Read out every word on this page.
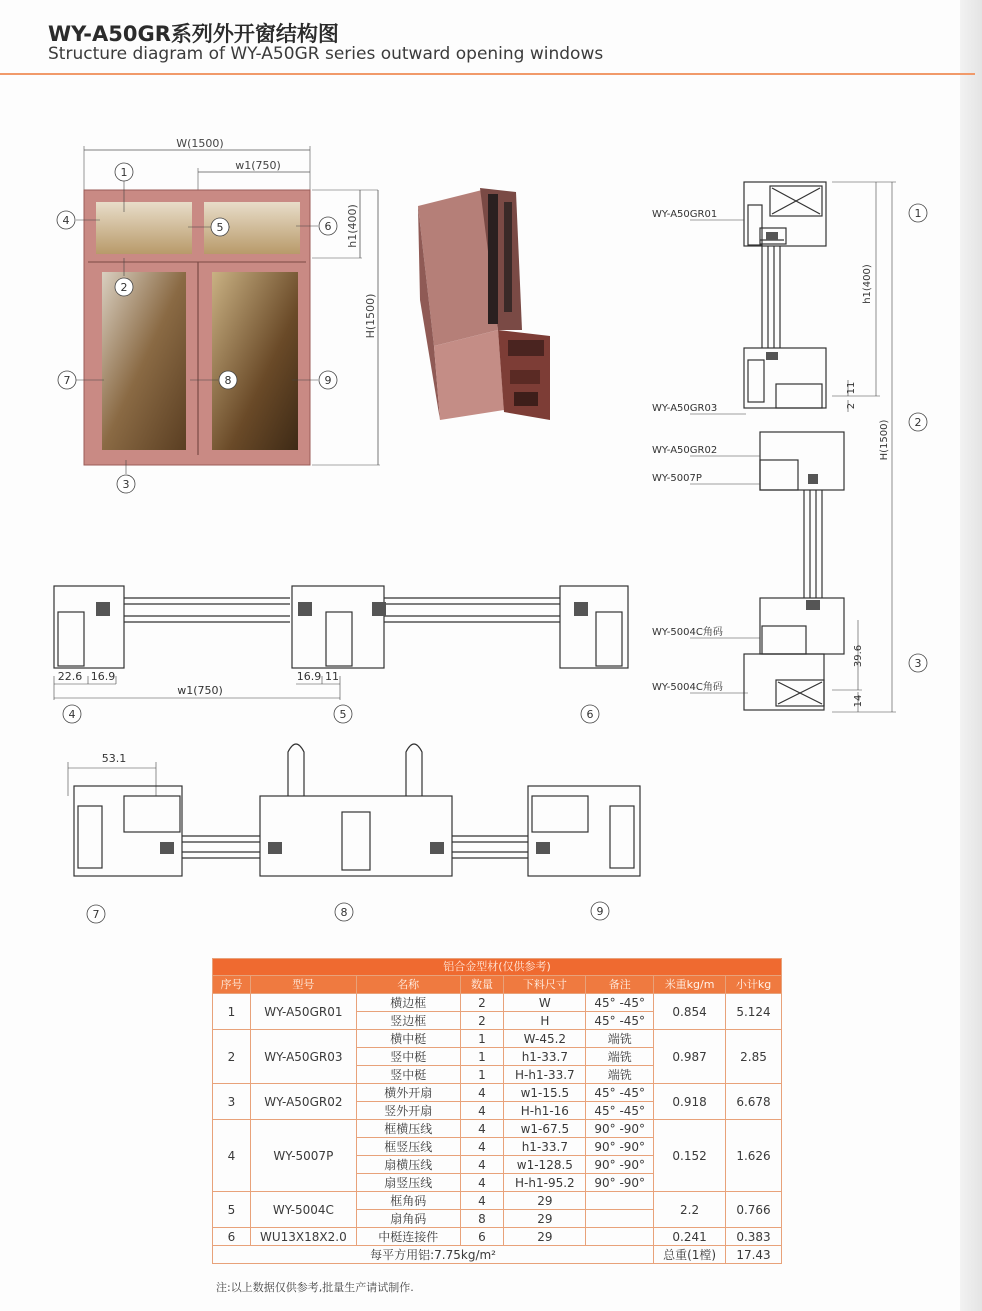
WY-A50GR系列外开窗结构图
Structure diagram of WY-A50GR series outward opening windows
W(1500)
w1(750)
h1(400)
H(1500)
1
2
3
4
5	6
7	8	9
WY-A50GR01
WY-A50GR03
WY-A50GR02
WY-5007P
WY-5004C角码
WY-5004C角码
h1(400)
H(1500)
11
2
39.6
14
1
2
3
22.6 16.9	16.9 11
w1(750)
4	5	6
53.1
7	8	9
铝合金型材(仅供参考)							
序号	型号	名称	数量	下料尺寸	备注	米重kg/m	小计kg
1	WY-A50GR01	横边框	2	W	45° -45°	0.854	5.124
		竖边框	2	H	45° -45°		
2	WY-A50GR03	横中梃	1	W-45.2	端铣	0.987	2.85
		竖中梃	1	h1-33.7	端铣		
		竖中梃	1	H-h1-33.7	端铣		
3	WY-A50GR02	横外开扇	4	w1-15.5	45° -45°	0.918	6.678
		竖外开扇	4	H-h1-16	45° -45°		
4	WY-5007P	框横压线	4	w1-67.5	90° -90°	0.152	1.626
		框竖压线	4	h1-33.7	90° -90°		
		扇横压线	4	w1-128.5	90° -90°		
		扇竖压线	4	H-h1-95.2	90° -90°		
5	WY-5004C	框角码	4	29		2.2	0.766
		扇角码	8	29			
6	WU13X18X2.0	中梃连接件	6	29		0.241	0.383
每平方用铝:7.75kg/m²						总重(1樘)	17.43
注:以上数据仅供参考,批量生产请试制作.
